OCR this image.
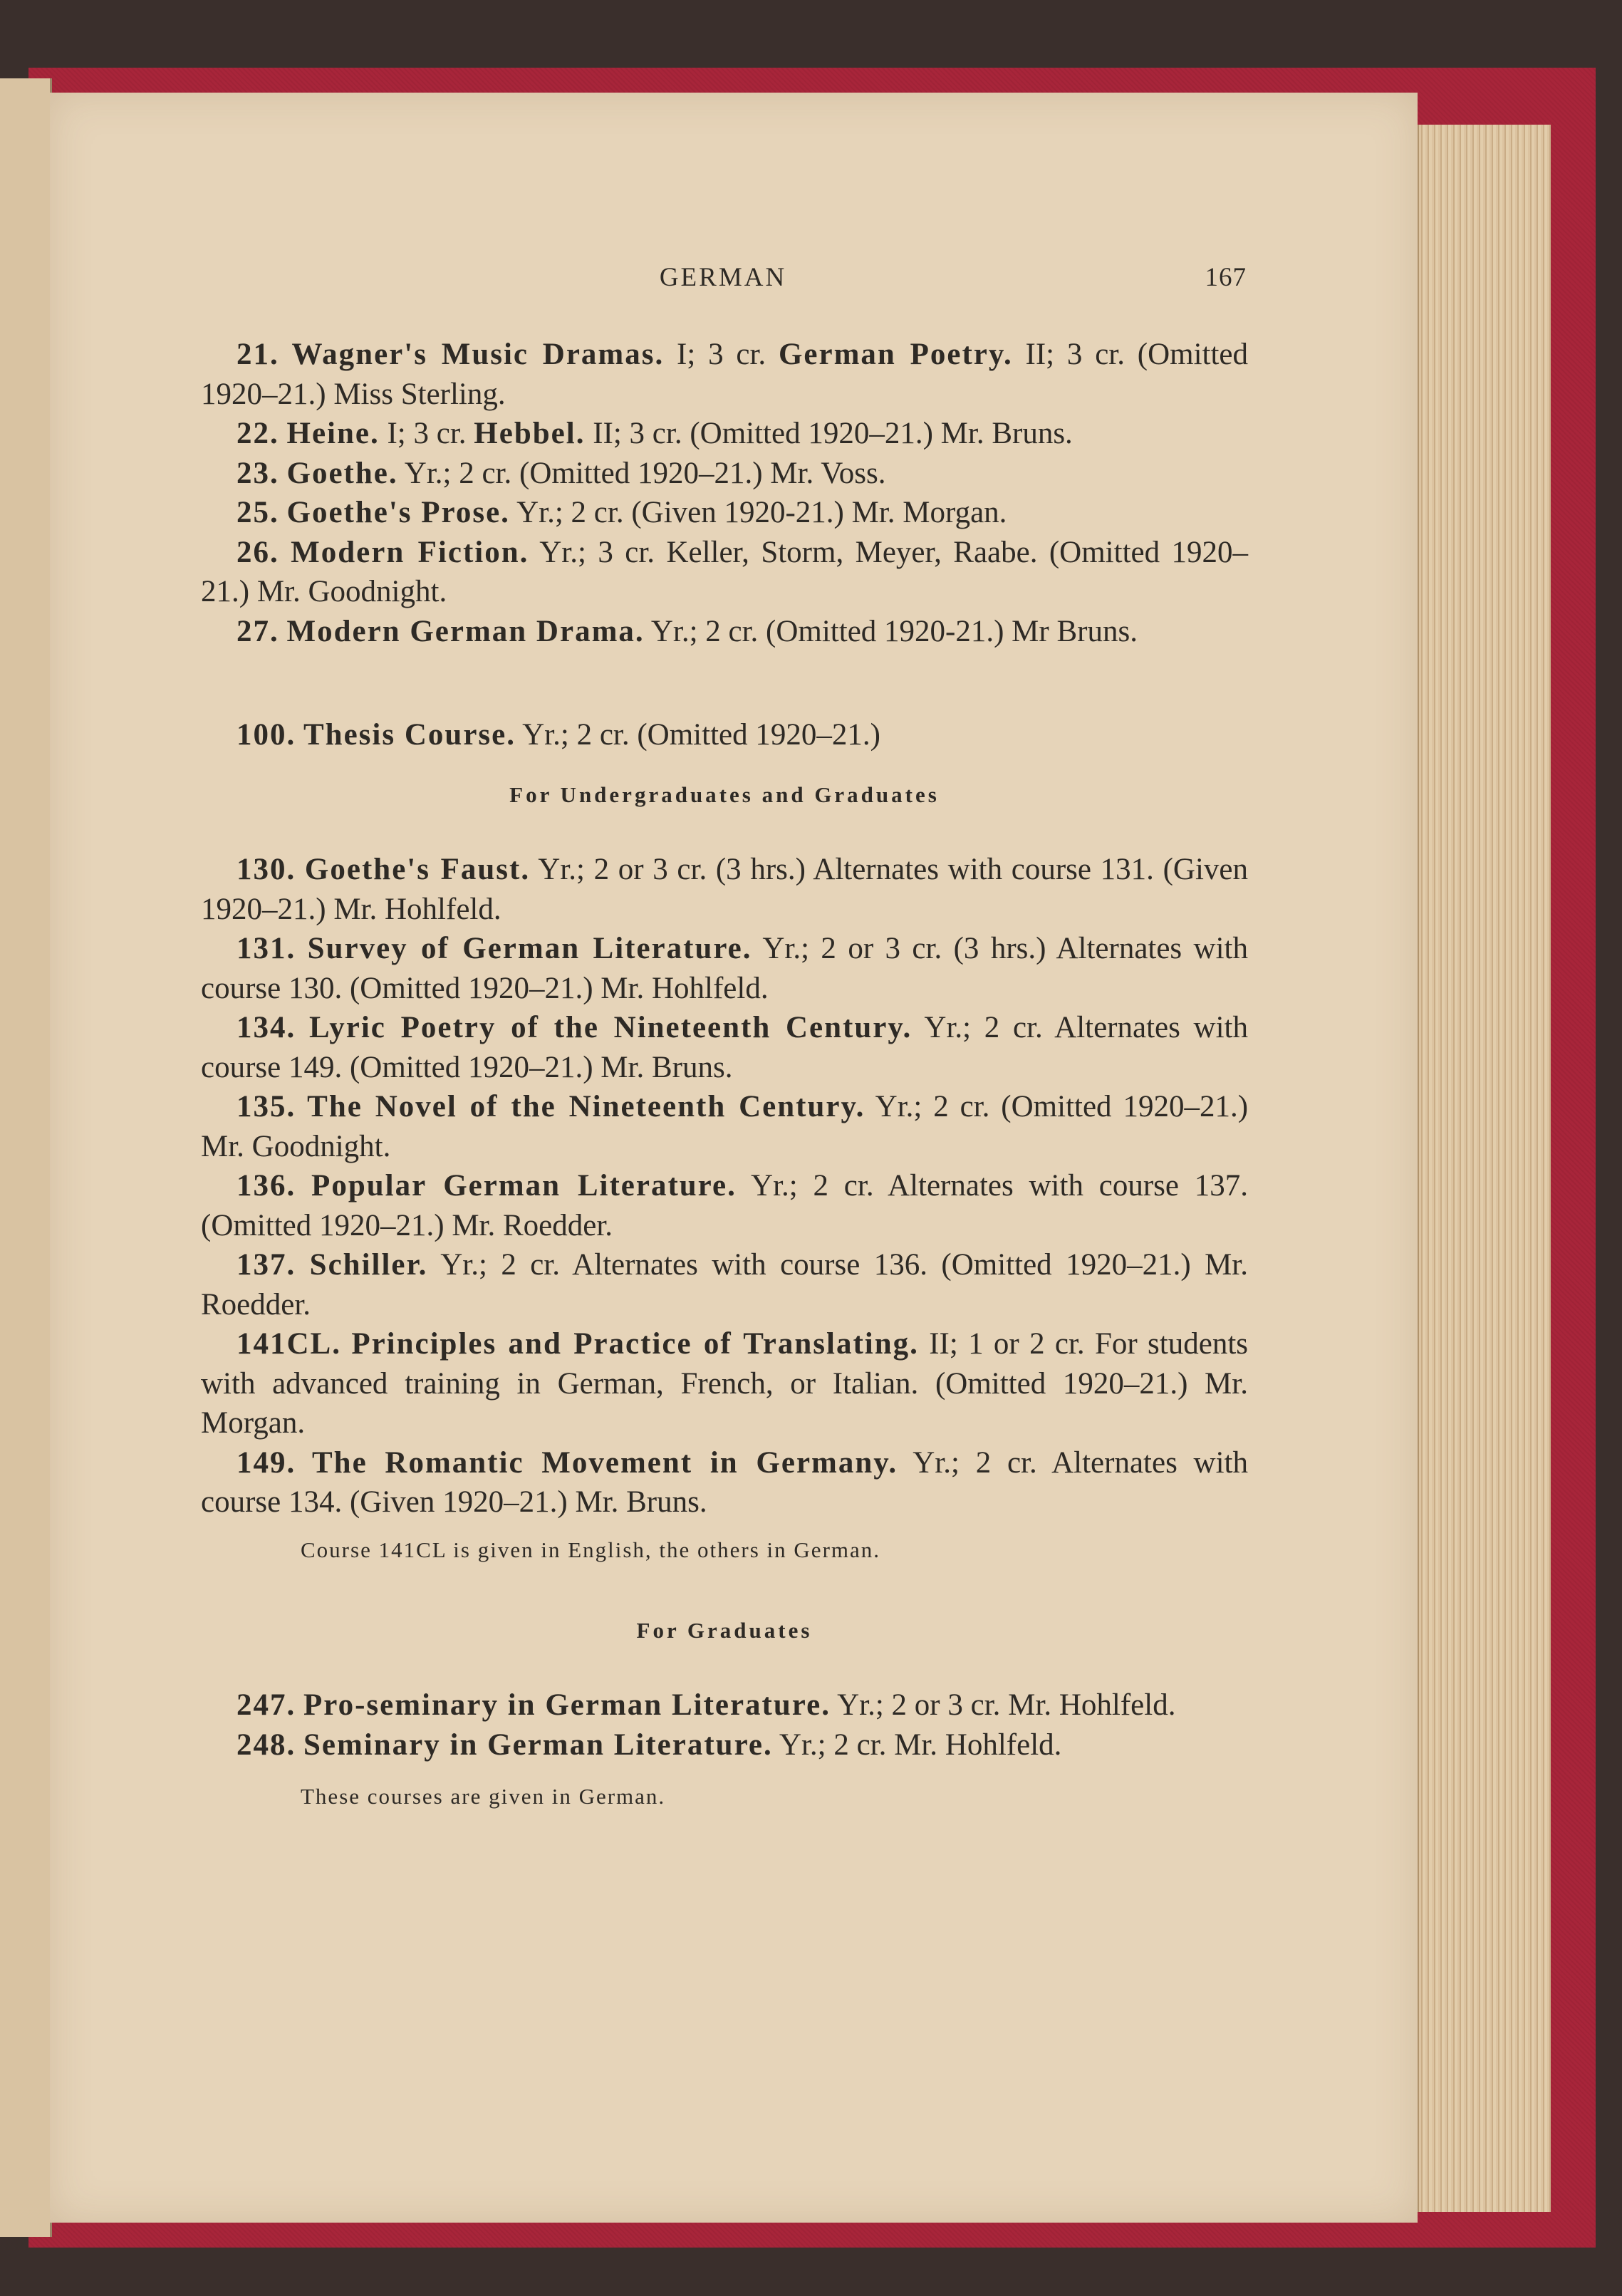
GERMAN	167

21. Wagner's Music Dramas. I; 3 cr. German Poetry. II; 3 cr. (Omitted 1920–21.) Miss Sterling.

22. Heine. I; 3 cr. Hebbel. II; 3 cr. (Omitted 1920–21.) Mr. Bruns.

23. Goethe. Yr.; 2 cr. (Omitted 1920–21.) Mr. Voss.

25. Goethe's Prose. Yr.; 2 cr. (Given 1920-21.) Mr. Morgan.

26. Modern Fiction. Yr.; 3 cr. Keller, Storm, Meyer, Raabe. (Omitted 1920–21.) Mr. Goodnight.

27. Modern German Drama. Yr.; 2 cr. (Omitted 1920-21.) Mr Bruns.

100. Thesis Course. Yr.; 2 cr. (Omitted 1920–21.)

For Undergraduates and Graduates

130. Goethe's Faust. Yr.; 2 or 3 cr. (3 hrs.) Alternates with course 131. (Given 1920–21.) Mr. Hohlfeld.

131. Survey of German Literature. Yr.; 2 or 3 cr. (3 hrs.) Alternates with course 130. (Omitted 1920–21.) Mr. Hohlfeld.

134. Lyric Poetry of the Nineteenth Century. Yr.; 2 cr. Alternates with course 149. (Omitted 1920–21.) Mr. Bruns.

135. The Novel of the Nineteenth Century. Yr.; 2 cr. (Omitted 1920–21.) Mr. Goodnight.

136. Popular German Literature. Yr.; 2 cr. Alternates with course 137. (Omitted 1920–21.) Mr. Roedder.

137. Schiller. Yr.; 2 cr. Alternates with course 136. (Omitted 1920–21.) Mr. Roedder.

141CL. Principles and Practice of Translating. II; 1 or 2 cr. For students with advanced training in German, French, or Italian. (Omitted 1920–21.) Mr. Morgan.

149. The Romantic Movement in Germany. Yr.; 2 cr. Alternates with course 134. (Given 1920–21.) Mr. Bruns.

Course 141CL is given in English, the others in German.
For Graduates

247. Pro-seminary in German Literature. Yr.; 2 or 3 cr. Mr. Hohlfeld.

248. Seminary in German Literature. Yr.; 2 cr. Mr. Hohlfeld.

These courses are given in German.
